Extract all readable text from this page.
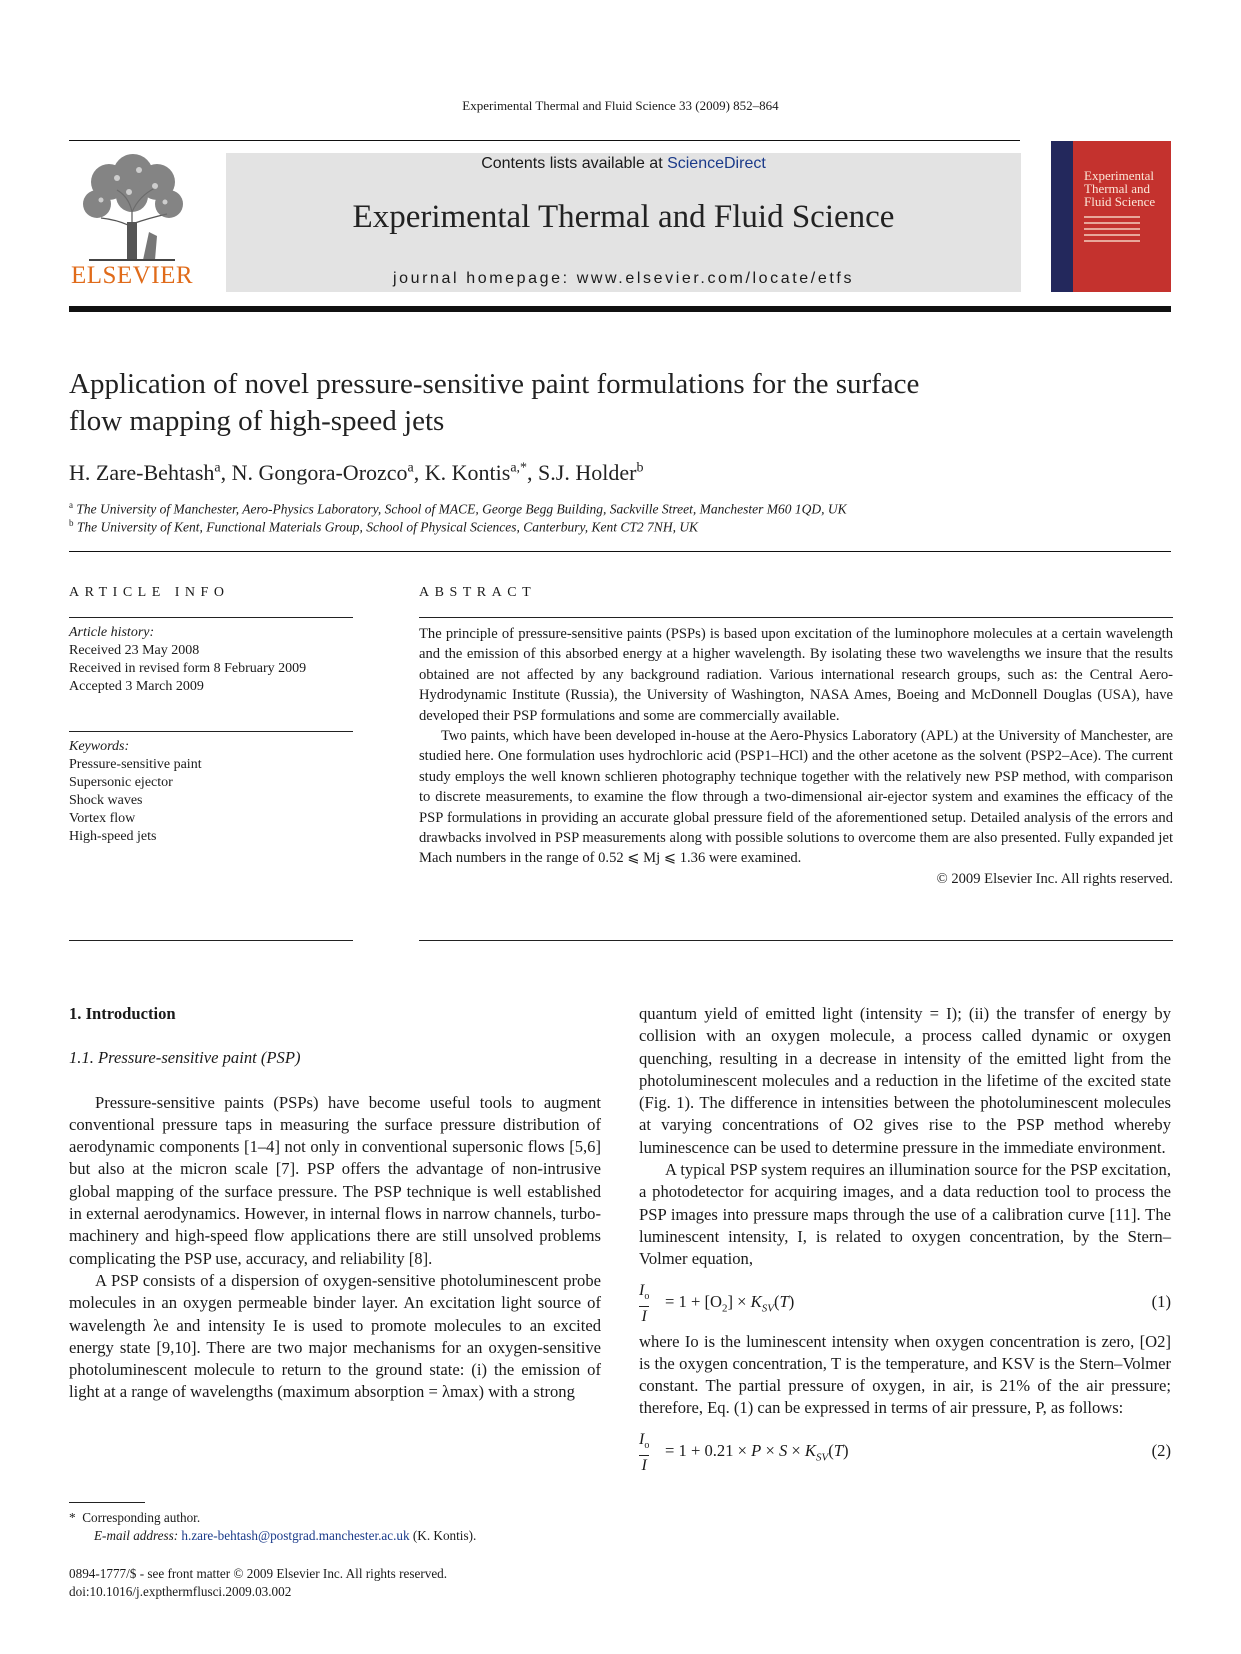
Experimental Thermal and Fluid Science 33 (2009) 852–864
ELSEVIER
Contents lists available at ScienceDirect
Experimental Thermal and Fluid Science
journal homepage: www.elsevier.com/locate/etfs
Experimental Thermal and Fluid Science
Application of novel pressure-sensitive paint formulations for the surface
flow mapping of high-speed jets
H. Zare-Behtash$^a$, N. Gongora-Orozco$^a$, K. Kontis$^{a,*}$, S.J. Holder$^b$
$^a$ The University of Manchester, Aero-Physics Laboratory, School of MACE, George Begg Building, Sackville Street, Manchester M60 1QD, UK
$^b$ The University of Kent, Functional Materials Group, School of Physical Sciences, Canterbury, Kent CT2 7NH, UK
ARTICLE INFO	ABSTRACT
Article history:
Received 23 May 2008
Received in revised form 8 February 2009
Accepted 3 March 2009
Keywords:
Pressure-sensitive paint
Supersonic ejector
Shock waves
Vortex flow
High-speed jets

The principle of pressure-sensitive paints (PSPs) is based upon excitation of the luminophore molecules at a certain wavelength and the emission of this absorbed energy at a higher wavelength. By isolating these two wavelengths we insure that the results obtained are not affected by any background radiation. Various international research groups, such as: the Central Aero-Hydrodynamic Institute (Russia), the University of Washington, NASA Ames, Boeing and McDonnell Douglas (USA), have developed their PSP formulations and some are commercially available.

Two paints, which have been developed in-house at the Aero-Physics Laboratory (APL) at the University of Manchester, are studied here. One formulation uses hydrochloric acid (PSP1–HCl) and the other acetone as the solvent (PSP2–Ace). The current study employs the well known schlieren photography technique together with the relatively new PSP method, with comparison to discrete measurements, to examine the flow through a two-dimensional air-ejector system and examines the efficacy of the PSP formulations in providing an accurate global pressure field of the aforementioned setup. Detailed analysis of the errors and drawbacks involved in PSP measurements along with possible solutions to overcome them are also presented. Fully expanded jet Mach numbers in the range of 0.52 ⩽ Mj ⩽ 1.36 were examined.

© 2009 Elsevier Inc. All rights reserved.
1. Introduction
1.1. Pressure-sensitive paint (PSP)

Pressure-sensitive paints (PSPs) have become useful tools to augment conventional pressure taps in measuring the surface pressure distribution of aerodynamic components [1–4] not only in conventional supersonic flows [5,6] but also at the micron scale [7]. PSP offers the advantage of non-intrusive global mapping of the surface pressure. The PSP technique is well established in external aerodynamics. However, in internal flows in narrow channels, turbo-machinery and high-speed flow applications there are still unsolved problems complicating the PSP use, accuracy, and reliability [8].

A PSP consists of a dispersion of oxygen-sensitive photoluminescent probe molecules in an oxygen permeable binder layer. An excitation light source of wavelength λe and intensity Ie is used to promote molecules to an excited energy state [9,10]. There are two major mechanisms for an oxygen-sensitive photoluminescent molecule to return to the ground state: (i) the emission of light at a range of wavelengths (maximum absorption = λmax) with a strong

quantum yield of emitted light (intensity = I); (ii) the transfer of energy by collision with an oxygen molecule, a process called dynamic or oxygen quenching, resulting in a decrease in intensity of the emitted light from the photoluminescent molecules and a reduction in the lifetime of the excited state (Fig. 1). The difference in intensities between the photoluminescent molecules at varying concentrations of O2 gives rise to the PSP method whereby luminescence can be used to determine pressure in the immediate environment.

A typical PSP system requires an illumination source for the PSP excitation, a photodetector for acquiring images, and a data reduction tool to process the PSP images into pressure maps through the use of a calibration curve [11]. The luminescent intensity, I, is related to oxygen concentration, by the Stern–Volmer equation,

$\frac{I_o}{I} = 1 + [O_2] \times K_{SV}(T)$	(1)

where Io is the luminescent intensity when oxygen concentration is zero, [O2] is the oxygen concentration, T is the temperature, and KSV is the Stern–Volmer constant. The partial pressure of oxygen, in air, is 21% of the air pressure; therefore, Eq. (1) can be expressed in terms of air pressure, P, as follows:

$\frac{I_o}{I} = 1 + 0.21 \times P \times S \times K_{SV}(T)$	(2)
* Corresponding author.
E-mail address: h.zare-behtash@postgrad.manchester.ac.uk (K. Kontis).
0894-1777/$ - see front matter © 2009 Elsevier Inc. All rights reserved.
doi:10.1016/j.expthermflusci.2009.03.002
